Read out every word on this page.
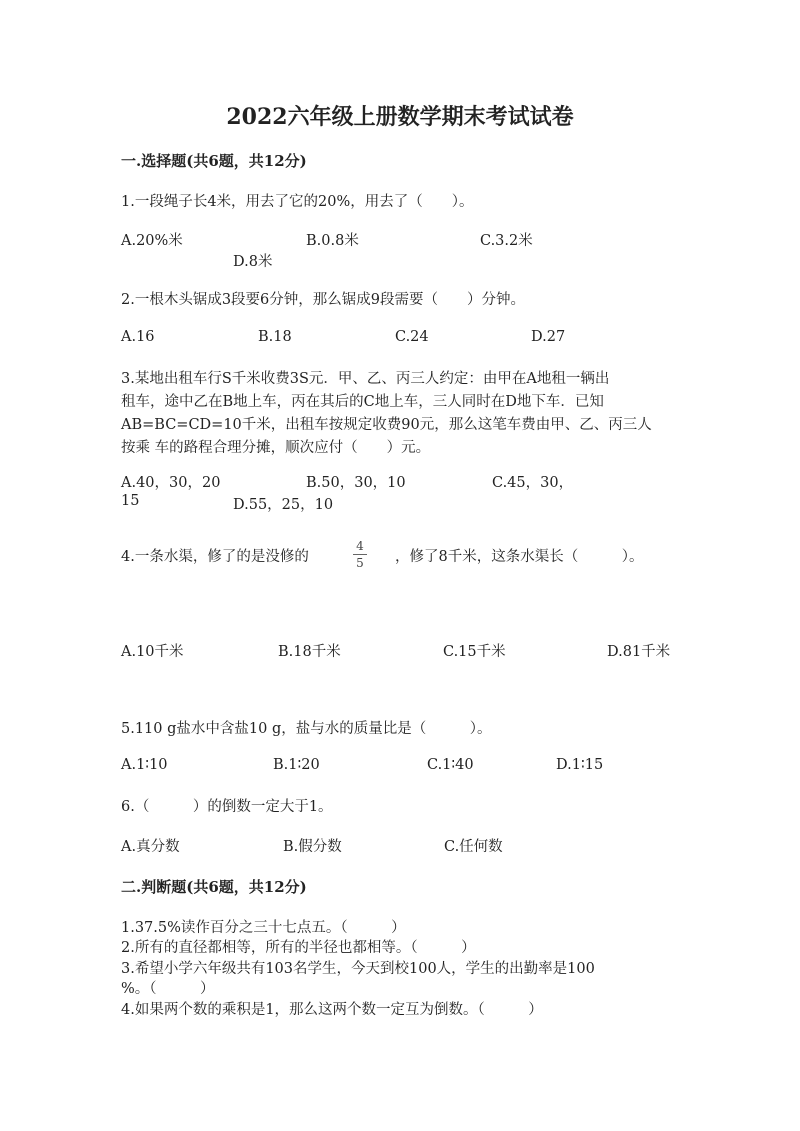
2022六年级上册数学期末考试试卷
一.选择题(共6题，共12分)
1.一段绳子长4米，用去了它的20%，用去了（　　）。
A.20%米	B.0.8米	C.3.2米
D.8米
2.一根木头锯成3段要6分钟，那么锯成9段需要（　　）分钟。
A.16	B.18	C.24	D.27
3.某地出租车行S千米收费3S元．甲、乙、丙三人约定：由甲在A地租一辆出
租车，途中乙在B地上车，丙在其后的C地上车，三人同时在D地下车．已知
AB=BC=CD=10千米，出租车按规定收费90元，那么这笔车费由甲、乙、丙三人
按乘 车的路程合理分摊，顺次应付（　　）元。
A.40，30，20	B.50，30，10	C.45，30，
15	D.55，25，10
4.一条水渠，修了的是没修的	$\frac{4}{5}$ ，修了8千米，这条水渠长（　　　）。
A.10千米	B.18千米	C.15千米	D.81千米
5.110 g盐水中含盐10 g，盐与水的质量比是（　　　）。
A.1∶10	B.1∶20	C.1∶40	D.1∶15
6.（　　　）的倒数一定大于1。
A.真分数	B.假分数	C.任何数
二.判断题(共6题，共12分)
1.37.5%读作百分之三十七点五。（　　　）
2.所有的直径都相等，所有的半径也都相等。（　　　）
3.希望小学六年级共有103名学生，今天到校100人，学生的出勤率是100
%。（　　　）
4.如果两个数的乘积是1，那么这两个数一定互为倒数。（　　　）
